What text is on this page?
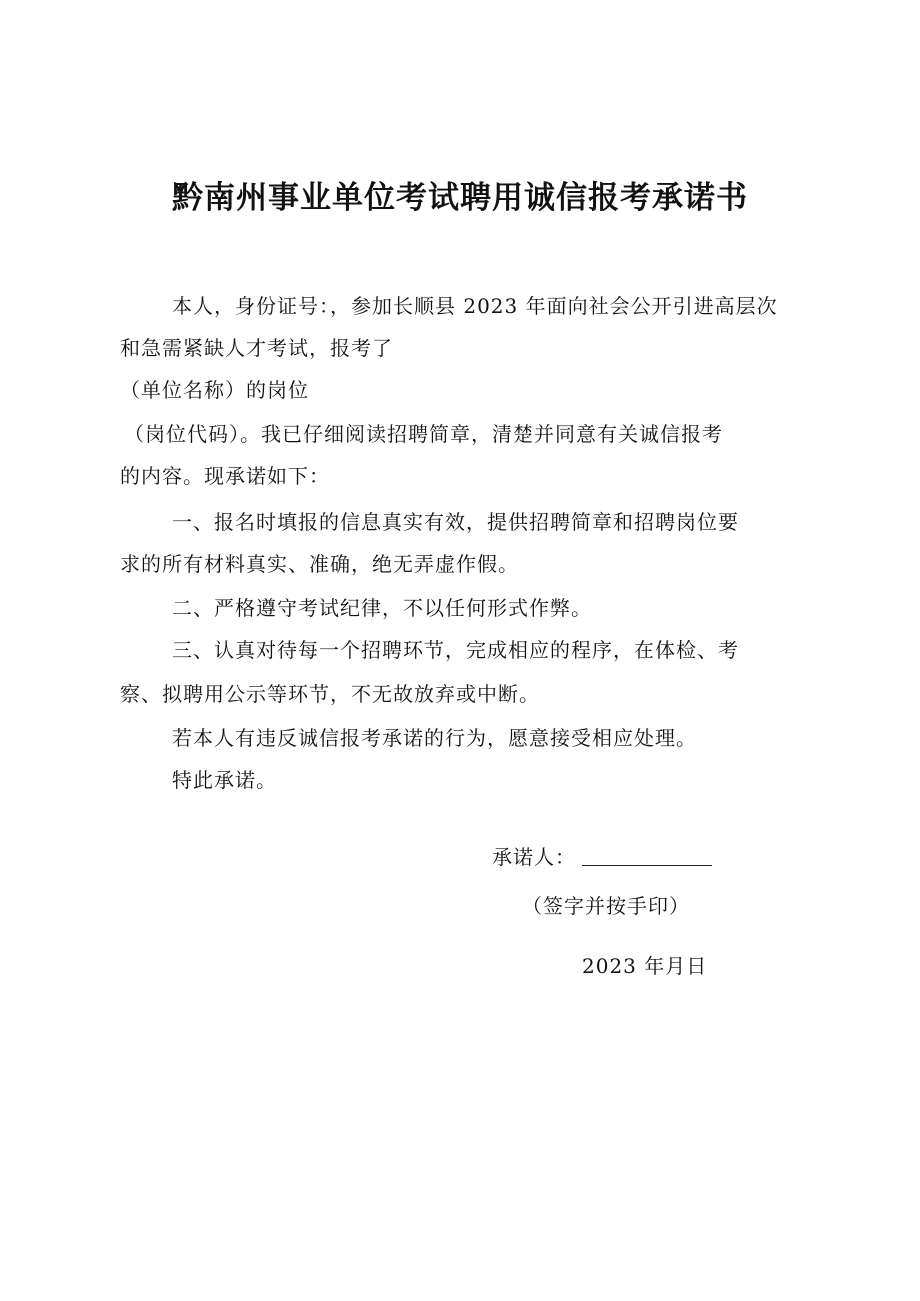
黔南州事业单位考试聘用诚信报考承诺书
本人，身份证号：，参加长顺县 2023 年面向社会公开引进高层次
和急需紧缺人才考试，报考了
（单位名称）的岗位
（岗位代码）。我已仔细阅读招聘简章，清楚并同意有关诚信报考
的内容。现承诺如下：
一、报名时填报的信息真实有效，提供招聘简章和招聘岗位要
求的所有材料真实、准确，绝无弄虚作假。
二、严格遵守考试纪律，不以任何形式作弊。
三、认真对待每一个招聘环节，完成相应的程序，在体检、考
察、拟聘用公示等环节，不无故放弃或中断。
若本人有违反诚信报考承诺的行为，愿意接受相应处理。
特此承诺。
承诺人：
（签字并按手印）
2023 年月日
